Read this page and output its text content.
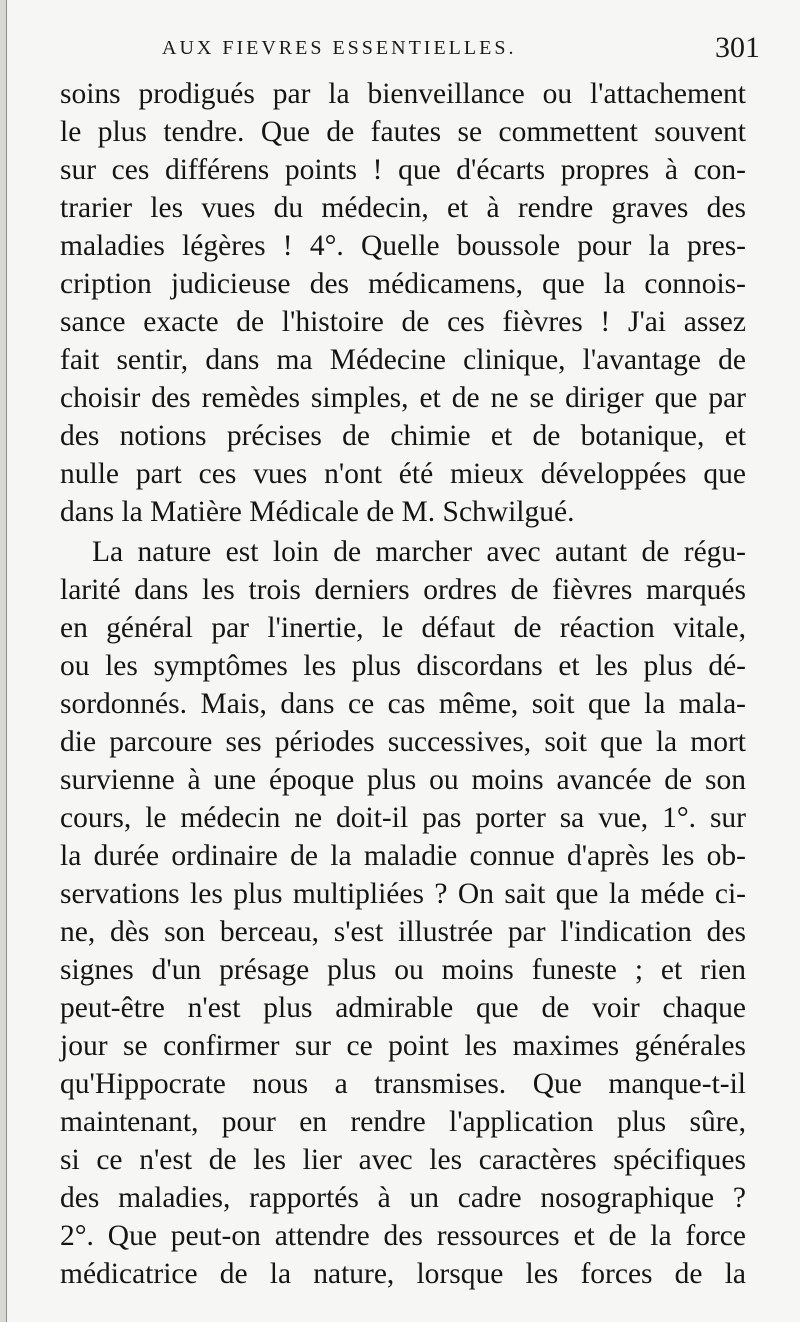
AUX FIEVRES ESSENTIELLES.	301
soins prodigués par la bienveillance ou l'attachement
le plus tendre. Que de fautes se commettent souvent
sur ces différens points ! que d'écarts propres à con-
trarier les vues du médecin, et à rendre graves des
maladies légères ! 4°. Quelle boussole pour la pres-
cription judicieuse des médicamens, que la connois-
sance exacte de l'histoire de ces fièvres ! J'ai assez
fait sentir, dans ma Médecine clinique, l'avantage de
choisir des remèdes simples, et de ne se diriger que par
des notions précises de chimie et de botanique, et
nulle part ces vues n'ont été mieux développées que
dans la Matière Médicale de M. Schwilgué.
La nature est loin de marcher avec autant de régu-
larité dans les trois derniers ordres de fièvres marqués
en général par l'inertie, le défaut de réaction vitale,
ou les symptômes les plus discordans et les plus dé-
sordonnés. Mais, dans ce cas même, soit que la mala-
die parcoure ses périodes successives, soit que la mort
survienne à une époque plus ou moins avancée de son
cours, le médecin ne doit-il pas porter sa vue, 1°. sur
la durée ordinaire de la maladie connue d'après les ob-
servations les plus multipliées ? On sait que la méde ci-
ne, dès son berceau, s'est illustrée par l'indication des
signes d'un présage plus ou moins funeste ; et rien
peut-être n'est plus admirable que de voir chaque
jour se confirmer sur ce point les maximes générales
qu'Hippocrate nous a transmises. Que manque-t-il
maintenant, pour en rendre l'application plus sûre,
si ce n'est de les lier avec les caractères spécifiques
des maladies, rapportés à un cadre nosographique ?
2°. Que peut-on attendre des ressources et de la force
médicatrice de la nature, lorsque les forces de la
